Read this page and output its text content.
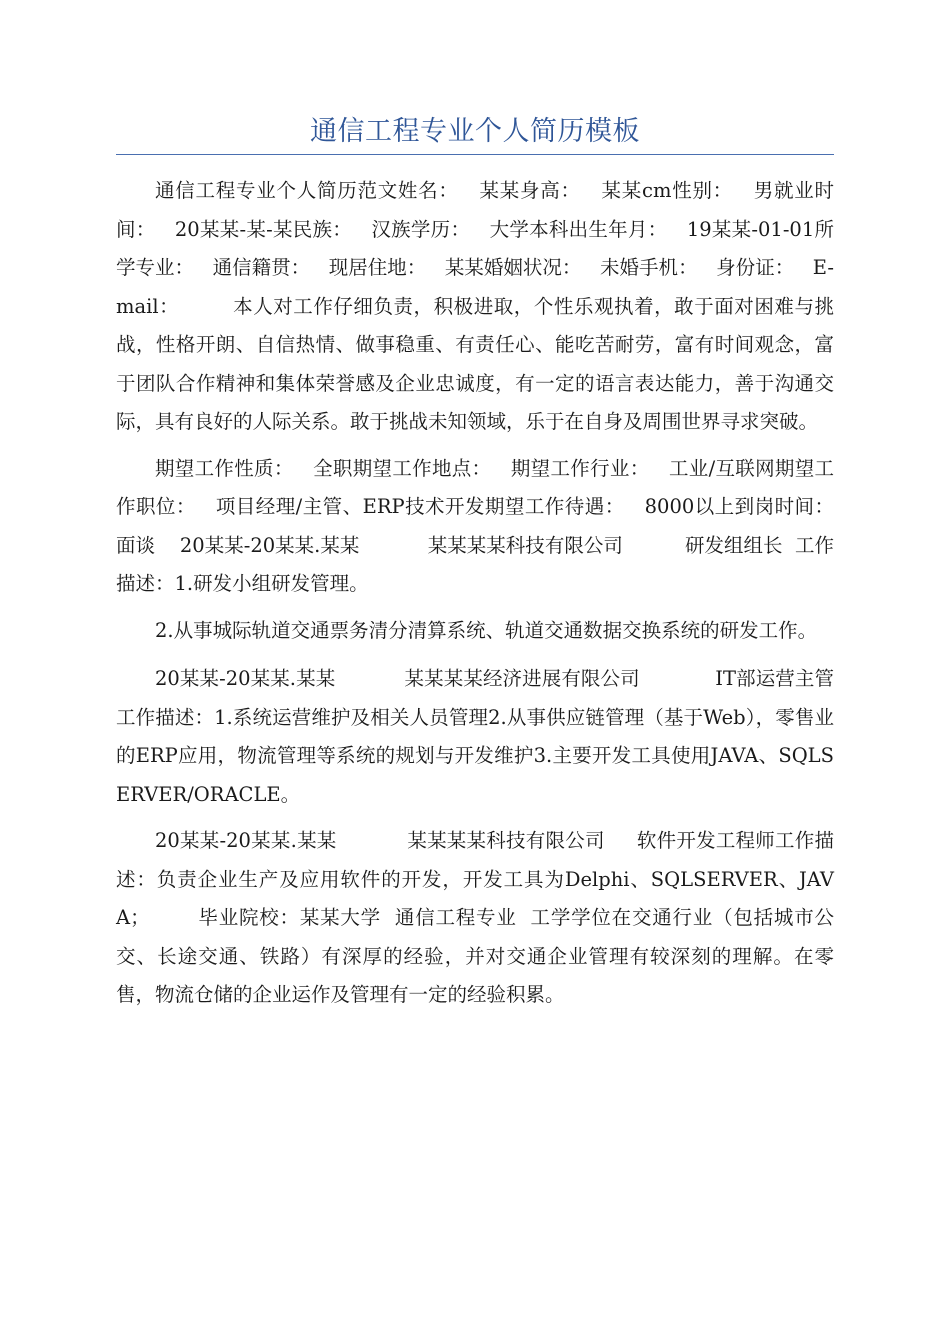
通信工程专业个人简历模板

通信工程专业个人简历范文姓名：   某某身高：   某某cm性别：   男就业时间：   20某某-某-某民族：   汉族学历：   大学本科出生年月：   19某某-01-01所学专业：   通信籍贯：   现居住地：   某某婚姻状况：   未婚手机：   身份证：   E-mail：        本人对工作仔细负责，积极进取，个性乐观执着，敢于面对困难与挑战，性格开朗、自信热情、做事稳重、有责任心、能吃苦耐劳，富有时间观念，富于团队合作精神和集体荣誉感及企业忠诚度，有一定的语言表达能力，善于沟通交际，具有良好的人际关系。敢于挑战未知领域，乐于在自身及周围世界寻求突破。

期望工作性质：   全职期望工作地点：   期望工作行业：   工业/互联网期望工作职位：   项目经理/主管、ERP技术开发期望工作待遇：   8000以上到岗时间：   面谈    20某某-20某某.某某           某某某某科技有限公司          研发组组长  工作描述：1.研发小组研发管理。

2.从事城际轨道交通票务清分清算系统、轨道交通数据交换系统的研发工作。

20某某-20某某.某某           某某某某经济进展有限公司            IT部运营主管工作描述：1.系统运营维护及相关人员管理2.从事供应链管理（基于Web），零售业的ERP应用，物流管理等系统的规划与开发维护3.主要开发工具使用JAVA、SQLSERVER/ORACLE。

20某某-20某某.某某           某某某某科技有限公司     软件开发工程师工作描述：负责企业生产及应用软件的开发，开发工具为Delphi、SQLSERVER、JAVA；       毕业院校：某某大学  通信工程专业  工学学位在交通行业（包括城市公交、长途交通、铁路）有深厚的经验，并对交通企业管理有较深刻的理解。在零售，物流仓储的企业运作及管理有一定的经验积累。
